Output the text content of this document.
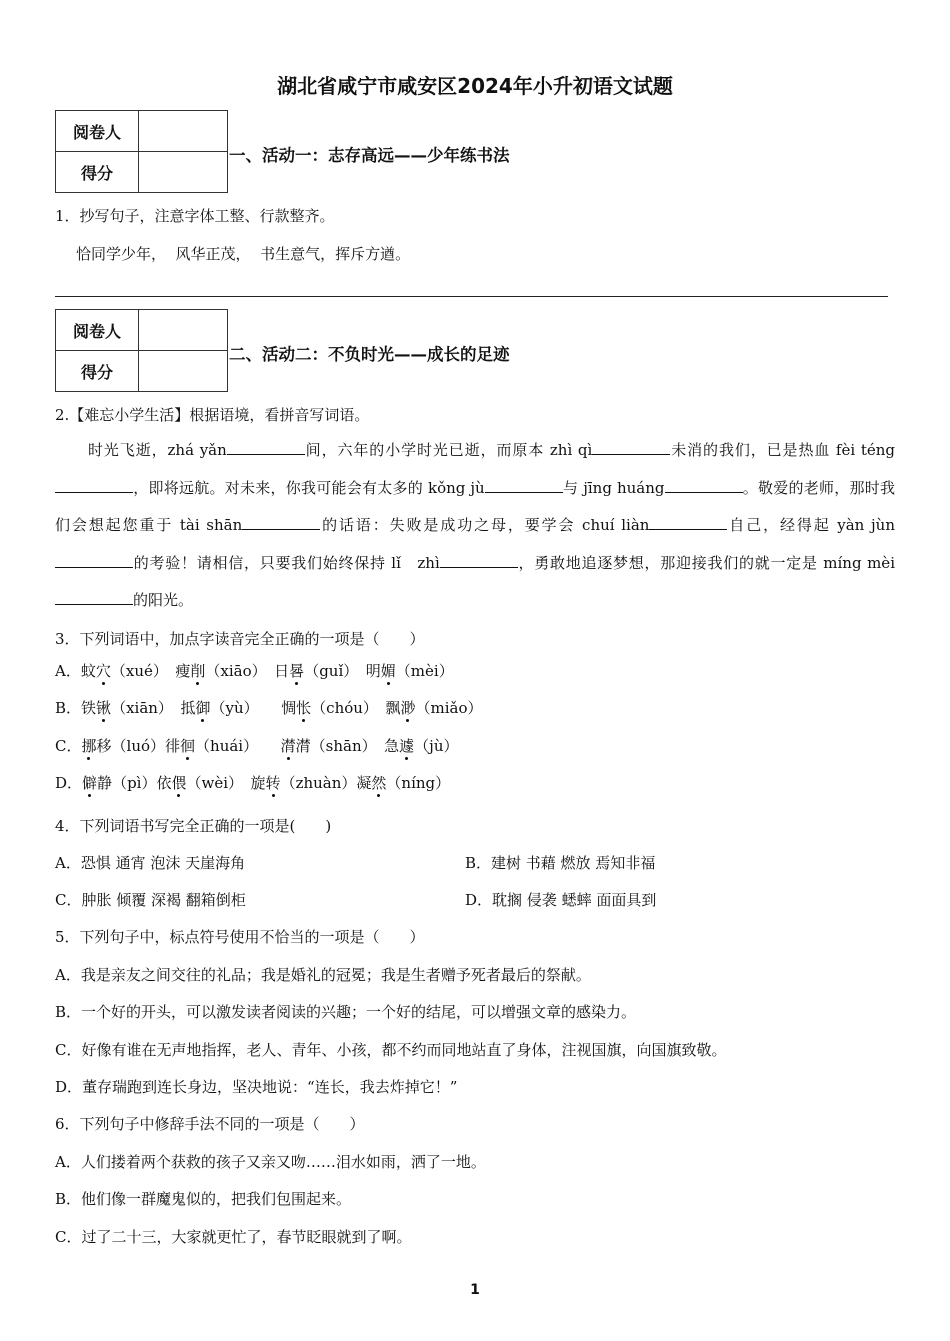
湖北省咸宁市咸安区2024年小升初语文试题
阅卷人	
得分	
一、活动一：志存高远——少年练书法
1．抄写句子，注意字体工整、行款整齐。
恰同学少年，  风华正茂，  书生意气，挥斥方遒。
阅卷人	
得分	
二、活动二：不负时光——成长的足迹
2.【难忘小学生活】根据语境，看拼音写词语。
时光飞逝，zhá yǎn	间，六年的小学时光已逝，而原本 zhì qì	未消的我们，已是热血 fèi téng，即将远航。对未来，你我可能会有太多的 kǒng jù	与 jīng huáng	。敬爱的老师，那时我们会想起您重于 tài shān	的话语：失败是成功之母，要学会 chuí liàn	自己，经得起 yàn jùn的考验！请相信，只要我们始终保持 lǐ　zhì	，勇敢地追逐梦想，那迎接我们的就一定是 míng mèi的阳光。
3．下列词语中，加点字读音完全正确的一项是（　　）
A．蚊穴（xué）　瘦削（xiāo）　 日晷（guǐ）　 明媚（mèi）
B．铁锹（xiān）　 抵御（yù）　　惆怅（chóu）　 飘渺（miǎo）
C．挪移（luó）徘徊（huái）　　潸潸（shān）　 急遽（jù）
D．僻静（pì）依偎（wèi）　 旋转（zhuàn）凝然（níng）
4．下列词语书写完全正确的一项是(　　)
A．恐惧 通宵 泡沫 天崖海角	B．建树 书藉 燃放 焉知非福
C．肿胀 倾覆 深褐 翻箱倒柜	D．耽搁 侵袭 蟋蟀 面面具到
5．下列句子中，标点符号使用不恰当的一项是（　　）
A．我是亲友之间交往的礼品；我是婚礼的冠冕；我是生者赠予死者最后的祭献。
B．一个好的开头，可以激发读者阅读的兴趣；一个好的结尾，可以增强文章的感染力。
C．好像有谁在无声地指挥，老人、青年、小孩，都不约而同地站直了身体，注视国旗，向国旗致敬。
D．董存瑞跑到连长身边，坚决地说：“连长，我去炸掉它！”
6．下列句子中修辞手法不同的一项是（　　）
A．人们搂着两个获救的孩子又亲又吻……泪水如雨，洒了一地。
B．他们像一群魔鬼似的，把我们包围起来。
C．过了二十三，大家就更忙了，春节眨眼就到了啊。
1
